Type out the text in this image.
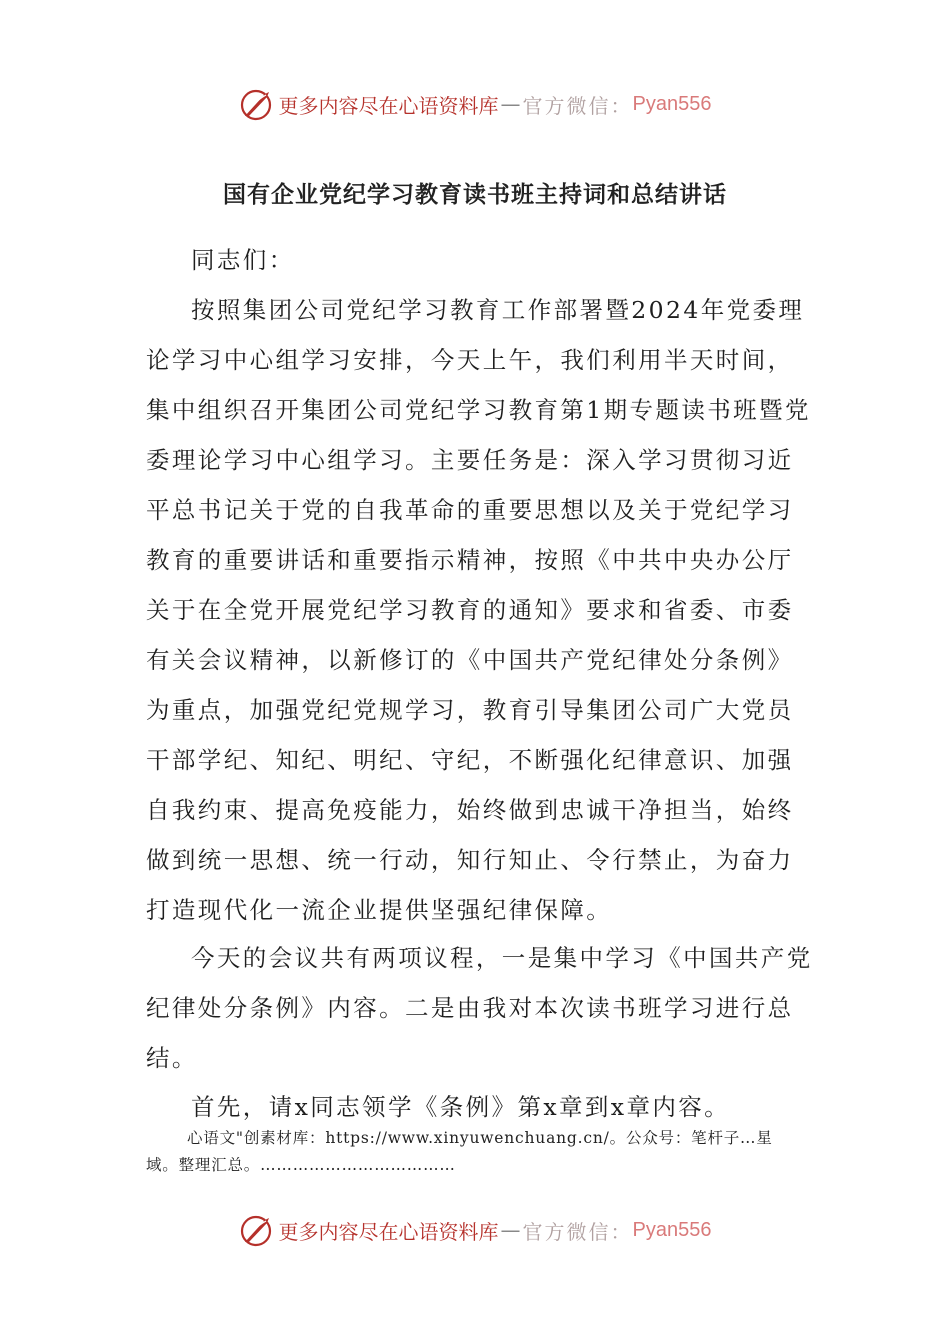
更多内容尽在心语资料库 — 官方微信： Pyan556
国有企业党纪学习教育读书班主持词和总结讲话
同志们：
按照集团公司党纪学习教育工作部署暨2024年党委理
论学习中心组学习安排，今天上午，我们利用半天时间，
集中组织召开集团公司党纪学习教育第1期专题读书班暨党
委理论学习中心组学习。主要任务是：深入学习贯彻习近
平总书记关于党的自我革命的重要思想以及关于党纪学习
教育的重要讲话和重要指示精神，按照《中共中央办公厅
关于在全党开展党纪学习教育的通知》要求和省委、市委
有关会议精神，以新修订的《中国共产党纪律处分条例》
为重点，加强党纪党规学习，教育引导集团公司广大党员
干部学纪、知纪、明纪、守纪，不断强化纪律意识、加强
自我约束、提高免疫能力，始终做到忠诚干净担当，始终
做到统一思想、统一行动，知行知止、令行禁止，为奋力
打造现代化一流企业提供坚强纪律保障。
今天的会议共有两项议程，一是集中学习《中国共产党
纪律处分条例》内容。二是由我对本次读书班学习进行总
结。
首先，请x同志领学《条例》第x章到x章内容。
心语文"创素材库：https://www.xinyuwenchuang.cn/。公众号：笔杆子…星
域。整理汇总。………………………………
更多内容尽在心语资料库 — 官方微信： Pyan556
